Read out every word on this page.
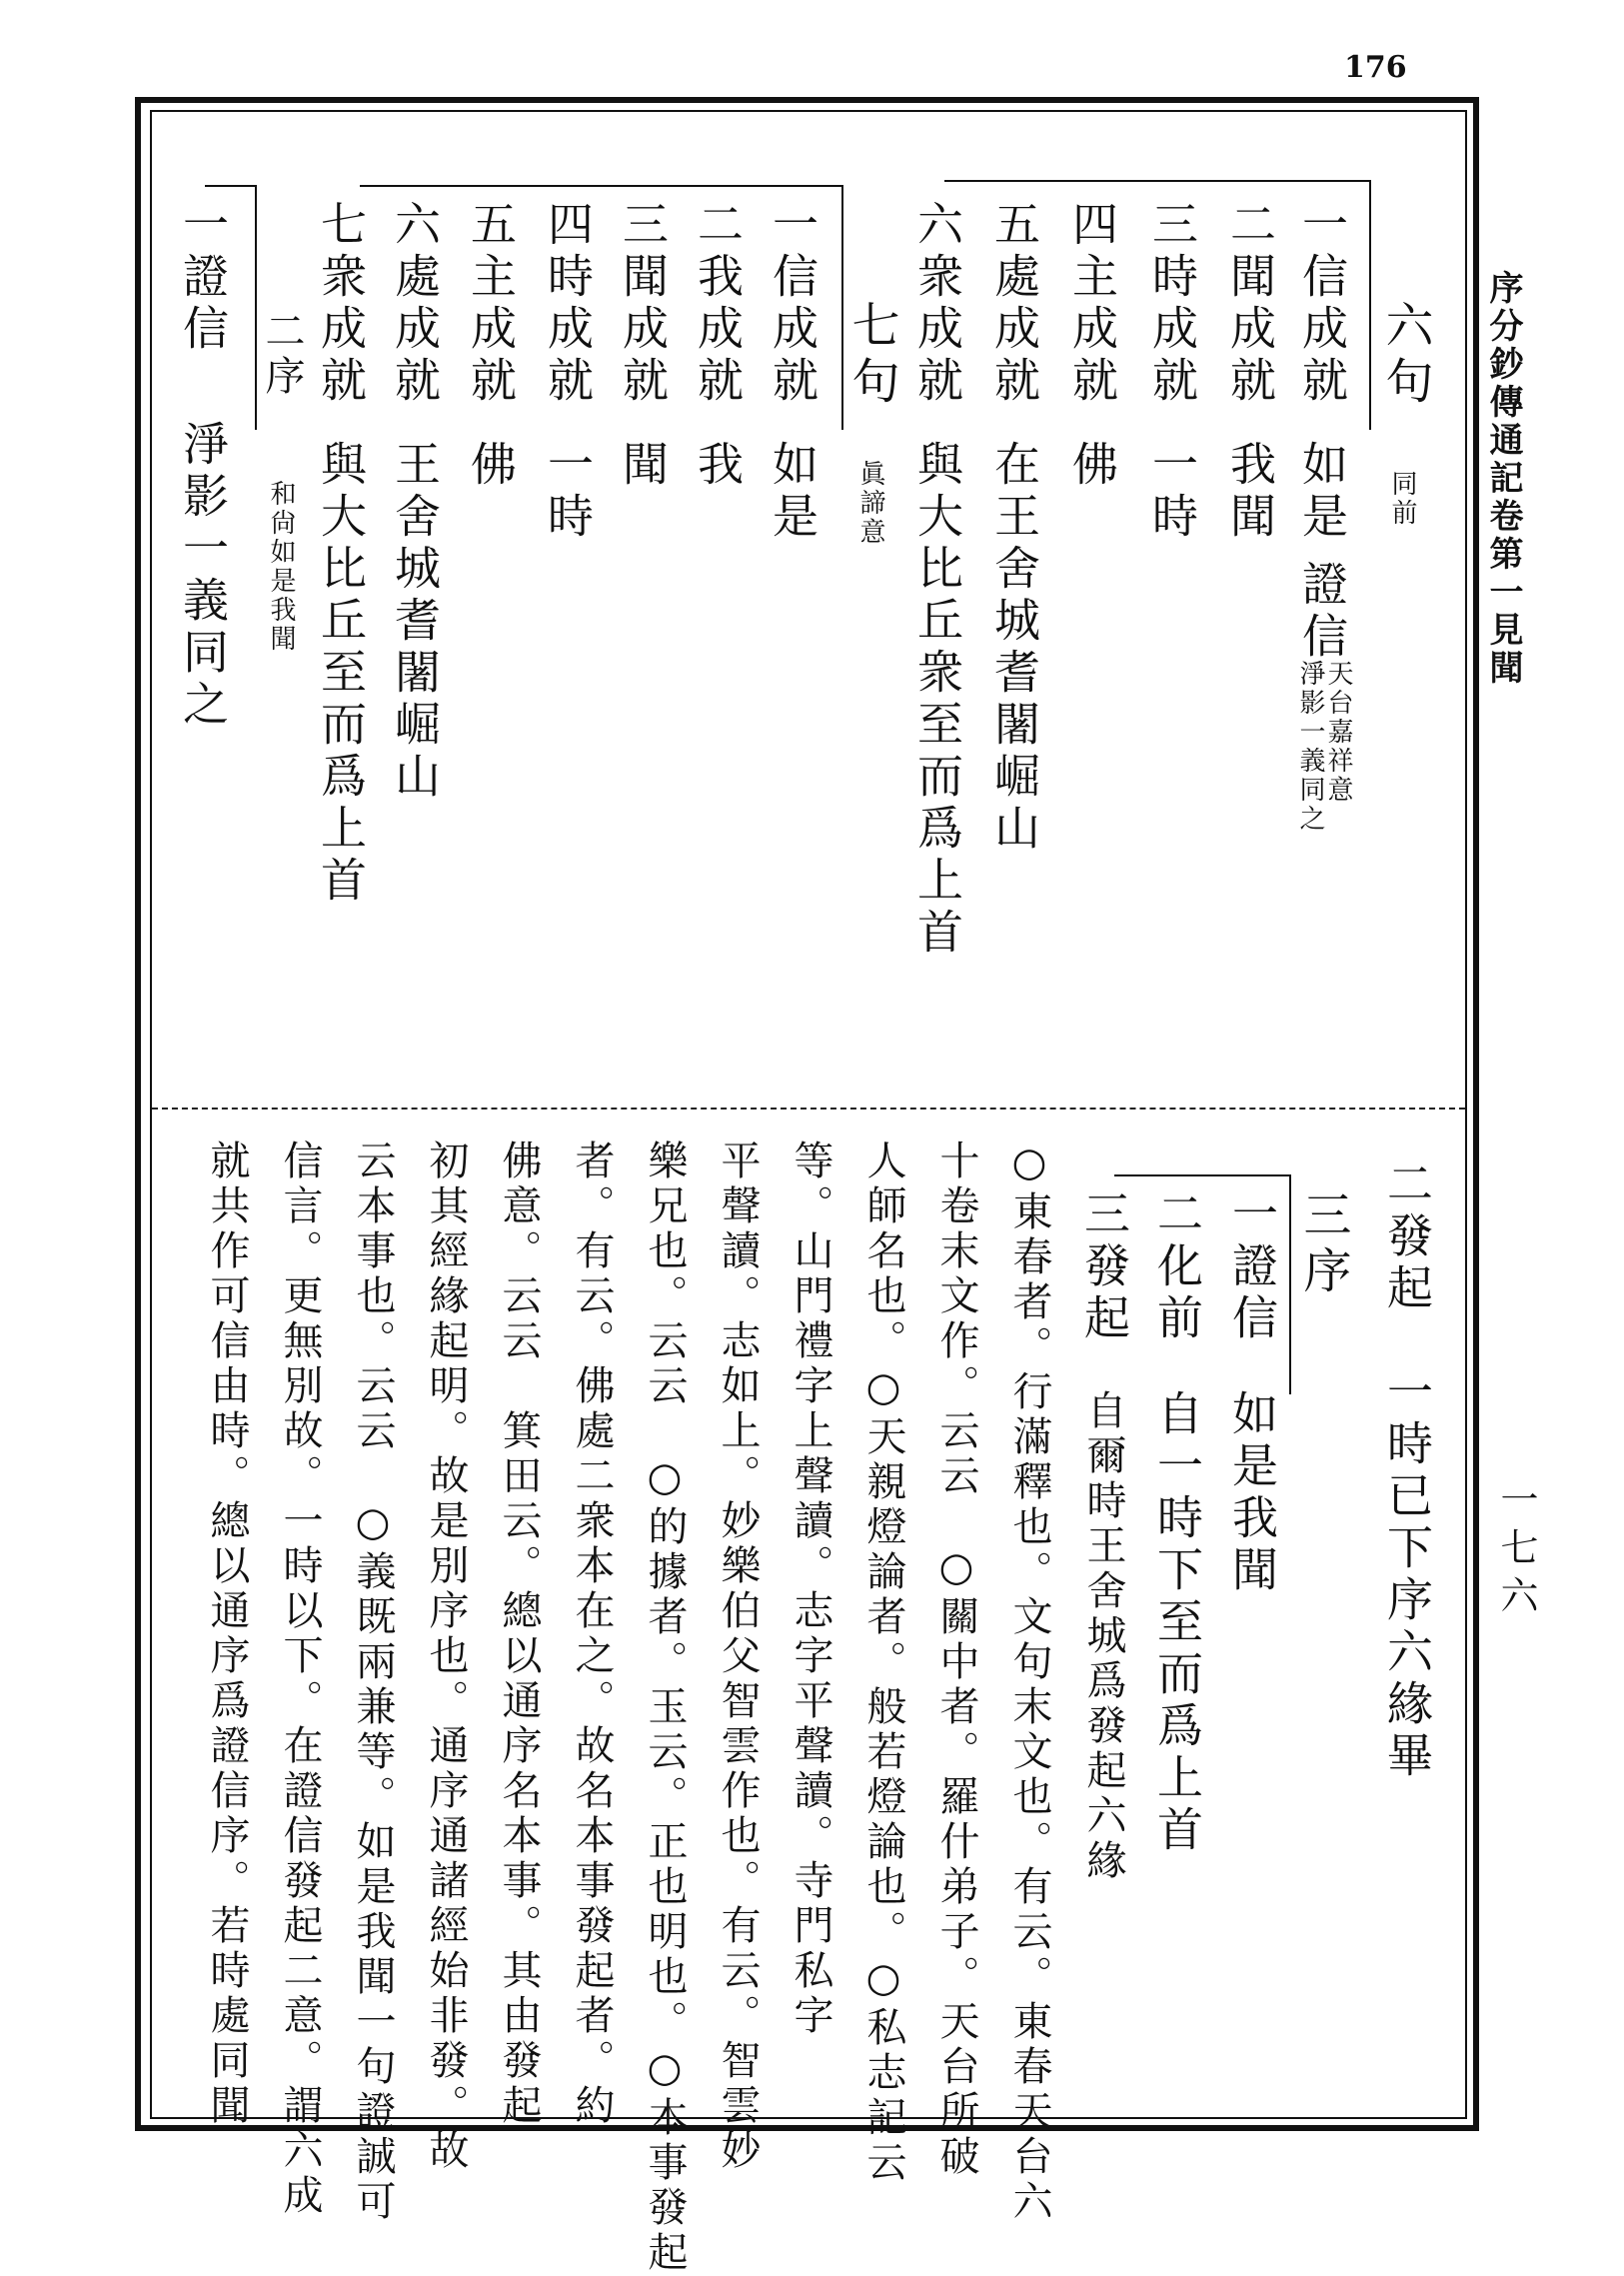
176
序分鈔傳通記卷第一見聞
一七六
六句
同前
一信成就
如是
證信
天台嘉祥意
淨影一義同之
二聞成就
我聞
三時成就
一時
四主成就
佛
五處成就
在王舍城耆闍崛山
六衆成就
與大比丘衆至而爲上首
七句
眞諦意
一信成就
如是
二我成就
我
三聞成就
聞
四時成就
一時
五主成就
佛
六處成就
王舍城耆闍崛山
七衆成就
與大比丘至而爲上首
二序
和尙如是我聞
一證信
淨影一義同之
二發起　一時已下序六緣畢
三序
一證信
如是我聞
二化前
自一時下至而爲上首
三發起
自爾時王舍城爲發起六緣
○東春者。行滿釋也。文句末文也。有云。東春天台六
十卷末文作。云云　○關中者。羅什弟子。天台所破
人師名也。○天親燈論者。般若燈論也。○私志記云
等。山門禮字上聲讀。志字平聲讀。寺門私字
平聲讀。志如上。妙樂伯父智雲作也。有云。智雲妙
樂兄也。云云　○的據者。玉云。正也明也。○本事發起
者。有云。佛處二衆本在之。故名本事發起者。約
佛意。云云　箕田云。總以通序名本事。其由發起
初其經緣起明。故是別序也。通序通諸經始非發。故
云本事也。云云　○義既兩兼等。如是我聞一句證誠可
信言。更無別故。一時以下。在證信發起二意。謂六成
就共作可信由時。總以通序爲證信序。若時處同聞
